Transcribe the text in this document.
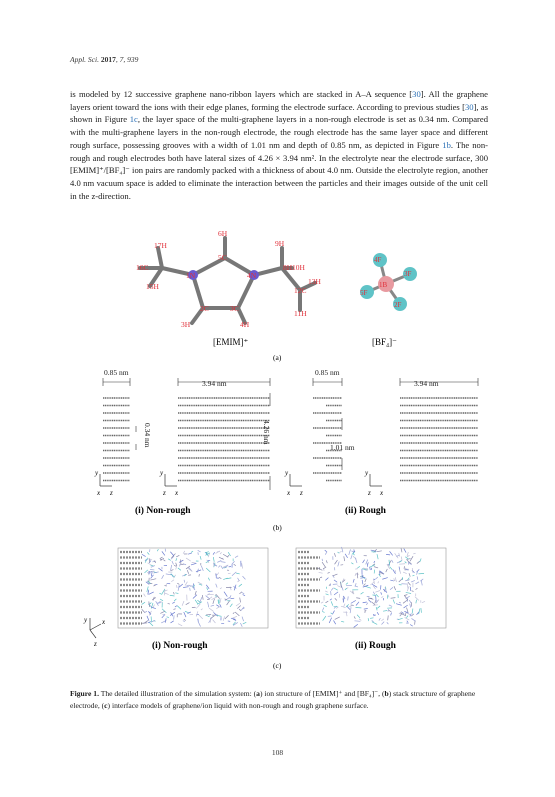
Appl. Sci. 2017, 7, 939

is modeled by 12 successive graphene nano-ribbon layers which are stacked in A–A sequence [30]. All the graphene layers orient toward the ions with their edge planes, forming the electrode surface. According to previous studies [30], as shown in Figure 1c, the layer space of the multi-graphene layers in a non-rough electrode is set as 0.34 nm. Compared with the multi-graphene layers in the non-rough electrode, the rough electrode has the same layer space and different rough surface, possessing grooves with a width of 1.01 nm and depth of 0.85 nm, as depicted in Figure 1b. The non-rough and rough electrodes both have lateral sizes of 4.26 × 3.94 nm². In the electrolyte near the electrode surface, 300 [EMIM]⁺/[BF₄]⁻ ion pairs are randomly packed with a thickness of about 4.0 nm. Outside the electrolyte region, another 4.0 nm vacuum space is added to eliminate the interaction between the particles and their images outside of the unit cell in the z-direction.

17H
6H
9H
16C
5C
8H 10H
1N	4N
12C
13H
15H
2C	3C
11H
3H	4H
4F
3F
1B
5F
2F
[EMIM]⁺	[BF₄]⁻
(a)
0.85 nm
3.94 nm
0.34 nm	4.26 nm
0.85 nm
3.94 nm
1.01 nm
y
x z
y
z x
y
x z
y
z x
(i) Non-rough	(ii) Rough
(b)
y x
z	(i) Non-rough	(ii) Rough
(c)
Figure 1. The detailed illustration of the simulation system: (a) ion structure of [EMIM]⁺ and [BF₄]⁻, (b) stack structure of graphene electrode, (c) interface models of graphene/ion liquid with non-rough and rough graphene surface.
108
